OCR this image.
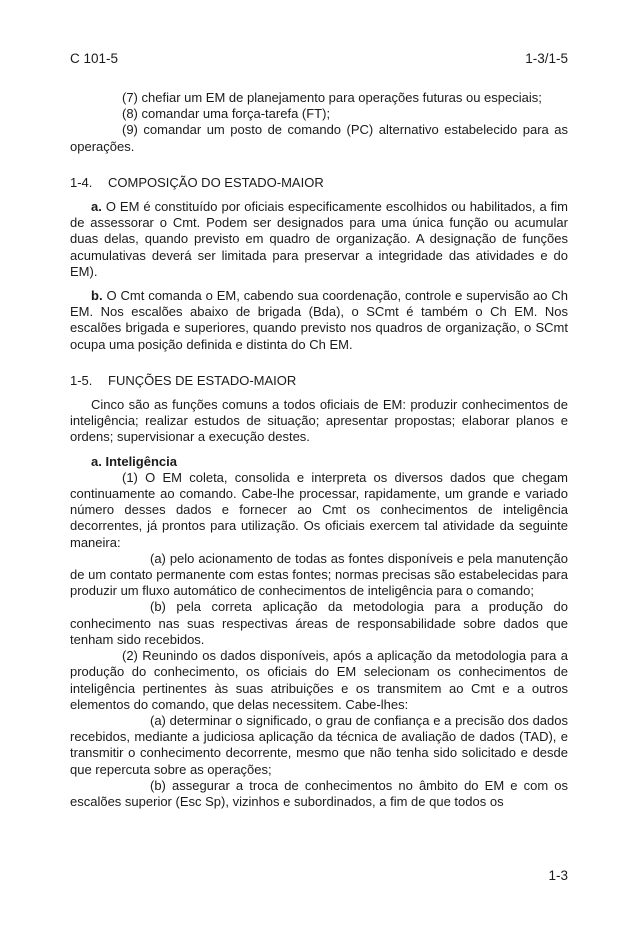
C 101-5	1-3/1-5

(7) chefiar um EM de planejamento para operações futuras ou especiais;

(8) comandar uma força-tarefa (FT);

(9) comandar um posto de comando (PC) alternativo estabelecido para as operações.

1-4. COMPOSIÇÃO DO ESTADO-MAIOR

a. O EM é constituído por oficiais especificamente escolhidos ou habilitados, a fim de assessorar o Cmt. Podem ser designados para uma única função ou acumular duas delas, quando previsto em quadro de organização. A designação de funções acumulativas deverá ser limitada para preservar a integridade das atividades e do EM).

b. O Cmt comanda o EM, cabendo sua coordenação, controle e supervisão ao Ch EM. Nos escalões abaixo de brigada (Bda), o SCmt é também o Ch EM. Nos escalões brigada e superiores, quando previsto nos quadros de organização, o SCmt ocupa uma posição definida e distinta do Ch EM.

1-5. FUNÇÕES DE ESTADO-MAIOR

Cinco são as funções comuns a todos oficiais de EM: produzir conhecimentos de inteligência; realizar estudos de situação; apresentar propostas; elaborar planos e ordens; supervisionar a execução destes.

a. Inteligência

(1) O EM coleta, consolida e interpreta os diversos dados que chegam continuamente ao comando. Cabe-lhe processar, rapidamente, um grande e variado número desses dados e fornecer ao Cmt os conhecimentos de inteligência decorrentes, já prontos para utilização. Os oficiais exercem tal atividade da seguinte maneira:

(a) pelo acionamento de todas as fontes disponíveis e pela manutenção de um contato permanente com estas fontes; normas precisas são estabelecidas para produzir um fluxo automático de conhecimentos de inteligência para o comando;

(b) pela correta aplicação da metodologia para a produção do conhecimento nas suas respectivas áreas de responsabilidade sobre dados que tenham sido recebidos.

(2) Reunindo os dados disponíveis, após a aplicação da metodologia para a produção do conhecimento, os oficiais do EM selecionam os conhecimentos de inteligência pertinentes às suas atribuições e os transmitem ao Cmt e a outros elementos do comando, que delas necessitem. Cabe-lhes:

(a) determinar o significado, o grau de confiança e a precisão dos dados recebidos, mediante a judiciosa aplicação da técnica de avaliação de dados (TAD), e transmitir o conhecimento decorrente, mesmo que não tenha sido solicitado e desde que repercuta sobre as operações;

(b) assegurar a troca de conhecimentos no âmbito do EM e com os escalões superior (Esc Sp), vizinhos e subordinados, a fim de que todos os

1-3
